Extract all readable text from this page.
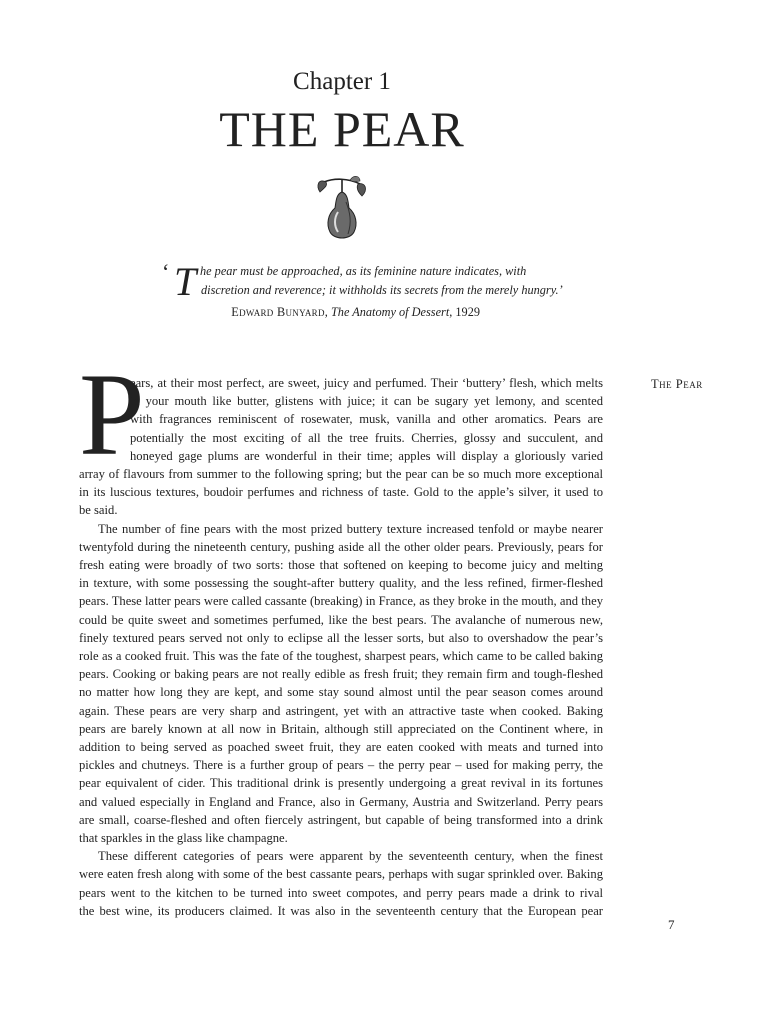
Chapter 1
THE PEAR
‘ T he pear must be approached, as its feminine nature indicates, with
discretion and reverence; it withholds its secrets from the merely hungry.’
Edward Bunyard, The Anatomy of Dessert, 1929
The Pear
P
ears, at their most perfect, are sweet, juicy and perfumed. Their ‘buttery’ flesh, which melts
in your mouth like butter, glistens with juice; it can be sugary yet lemony, and scented
with fragrances reminiscent of rosewater, musk, vanilla and other aromatics. Pears are
potentially the most exciting of all the tree fruits. Cherries, glossy and succulent, and
honeyed gage plums are wonderful in their time; apples will display a gloriously varied
array of flavours from summer to the following spring; but the pear can be so much more exceptional
in its luscious textures, boudoir perfumes and richness of taste. Gold to the apple’s silver, it used to
be said.
The number of fine pears with the most prized buttery texture increased tenfold or maybe nearer
twentyfold during the nineteenth century, pushing aside all the other older pears. Previously, pears for
fresh eating were broadly of two sorts: those that softened on keeping to become juicy and melting
in texture, with some possessing the sought-after buttery quality, and the less refined, firmer-fleshed
pears. These latter pears were called cassante (breaking) in France, as they broke in the mouth, and they
could be quite sweet and sometimes perfumed, like the best pears. The avalanche of numerous new,
finely textured pears served not only to eclipse all the lesser sorts, but also to overshadow the pear’s
role as a cooked fruit. This was the fate of the toughest, sharpest pears, which came to be called baking
pears. Cooking or baking pears are not really edible as fresh fruit; they remain firm and tough-fleshed
no matter how long they are kept, and some stay sound almost until the pear season comes around
again. These pears are very sharp and astringent, yet with an attractive taste when cooked. Baking
pears are barely known at all now in Britain, although still appreciated on the Continent where, in
addition to being served as poached sweet fruit, they are eaten cooked with meats and turned into
pickles and chutneys. There is a further group of pears – the perry pear – used for making perry, the
pear equivalent of cider. This traditional drink is presently undergoing a great revival in its fortunes
and valued especially in England and France, also in Germany, Austria and Switzerland. Perry pears
are small, coarse-fleshed and often fiercely astringent, but capable of being transformed into a drink
that sparkles in the glass like champagne.
These different categories of pears were apparent by the seventeenth century, when the finest
were eaten fresh along with some of the best cassante pears, perhaps with sugar sprinkled over. Baking
pears went to the kitchen to be turned into sweet compotes, and perry pears made a drink to rival
the best wine, its producers claimed. It was also in the seventeenth century that the European pear
7
